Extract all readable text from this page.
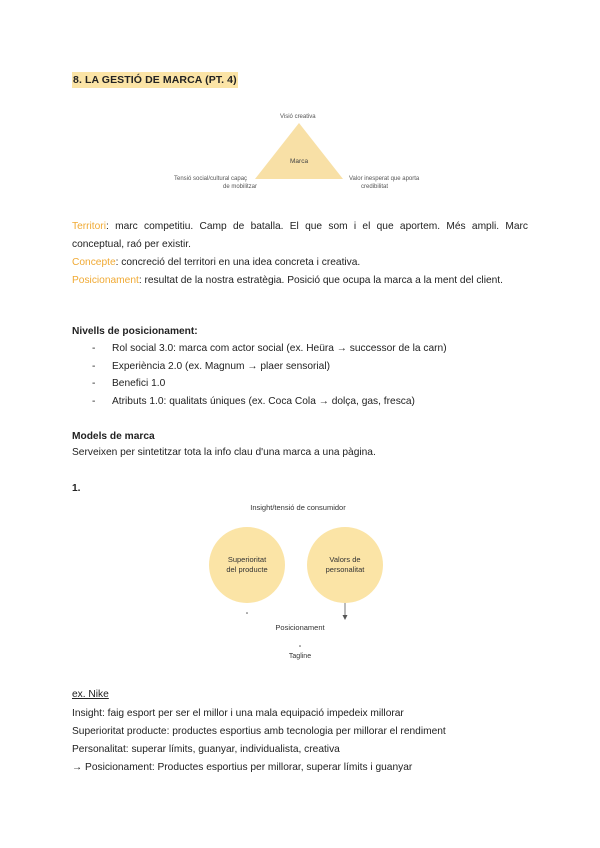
8. LA GESTIÓ DE MARCA (PT. 4)
Visió creativa
Marca
Tensió social/cultural capaç
de mobilitzar
Valor inesperat que aporta
credibilitat
Territori: marc competitiu. Camp de batalla. El que som i el que aportem. Més ampli. Marc conceptual, raó per existir.
Concepte: concreció del territori en una idea concreta i creativa.
Posicionament: resultat de la nostra estratègia. Posició que ocupa la marca a la ment del client.
Nivells de posicionament:
- Rol social 3.0: marca com actor social (ex. Heüra → successor de la carn)
- Experiència 2.0 (ex. Magnum → plaer sensorial)
- Benefici 1.0
- Atributs 1.0: qualitats úniques (ex. Coca Cola → dolça, gas, fresca)
Models de marca
Serveixen per sintetitzar tota la info clau d'una marca a una pàgina.
1.
Insight/tensió de consumidor
Superioritat
del producte
Valors de
personalitat
Posicionament
Tagline
ex. Nike
Insight: faig esport per ser el millor i una mala equipació impedeix millorar
Superioritat producte: productes esportius amb tecnologia per millorar el rendiment
Personalitat: superar límits, guanyar, individualista, creativa
→ Posicionament: Productes esportius per millorar, superar límits i guanyar
